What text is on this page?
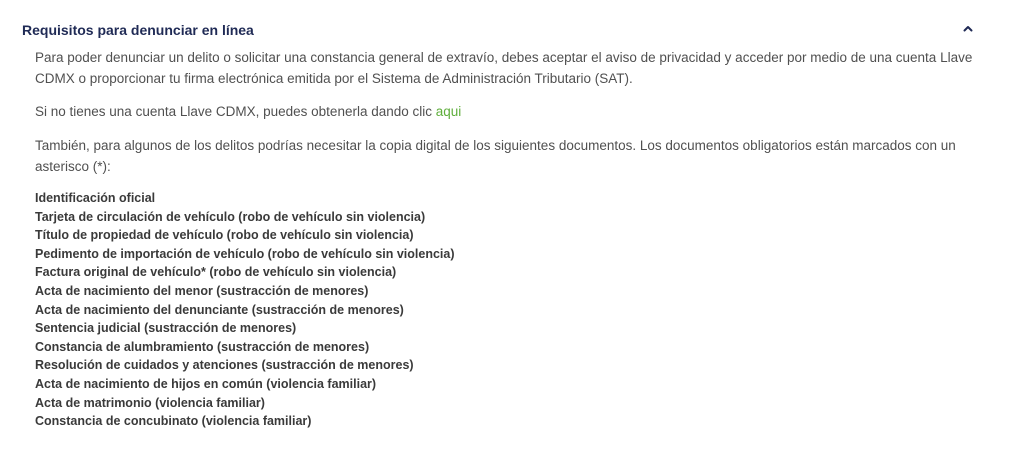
Requisitos para denunciar en línea

Para poder denunciar un delito o solicitar una constancia general de extravío, debes aceptar el aviso de privacidad y acceder por medio de una cuenta Llave CDMX o proporcionar tu firma electrónica emitida por el Sistema de Administración Tributario (SAT).

Si no tienes una cuenta Llave CDMX, puedes obtenerla dando clic aqui

También, para algunos de los delitos podrías necesitar la copia digital de los siguientes documentos. Los documentos obligatorios están marcados con un asterisco (*):

Identificación oficial
Tarjeta de circulación de vehículo (robo de vehículo sin violencia)
Título de propiedad de vehículo (robo de vehículo sin violencia)
Pedimento de importación de vehículo (robo de vehículo sin violencia)
Factura original de vehículo* (robo de vehículo sin violencia)
Acta de nacimiento del menor (sustracción de menores)
Acta de nacimiento del denunciante (sustracción de menores)
Sentencia judicial (sustracción de menores)
Constancia de alumbramiento (sustracción de menores)
Resolución de cuidados y atenciones (sustracción de menores)
Acta de nacimiento de hijos en común (violencia familiar)
Acta de matrimonio (violencia familiar)
Constancia de concubinato (violencia familiar)
